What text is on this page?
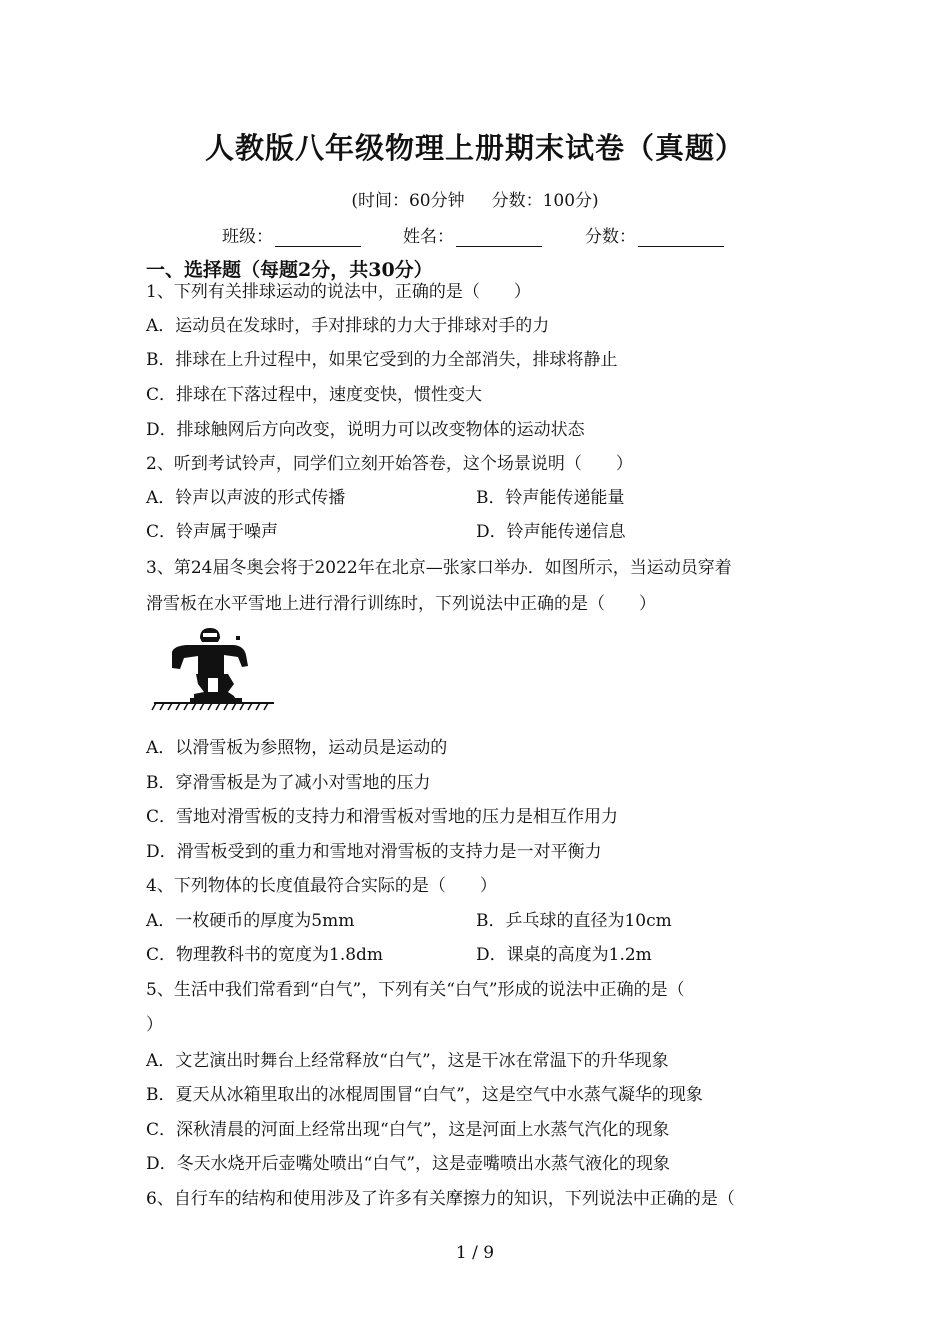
人教版八年级物理上册期末试卷（真题）
(时间：60分钟     分数：100分)
班级：	姓名：	分数：
一、选择题（每题2分，共30分）
1、下列有关排球运动的说法中，正确的是（　　）
A．运动员在发球时，手对排球的力大于排球对手的力
B．排球在上升过程中，如果它受到的力全部消失，排球将静止
C．排球在下落过程中，速度变快，惯性变大
D．排球触网后方向改变，说明力可以改变物体的运动状态
2、听到考试铃声，同学们立刻开始答卷，这个场景说明（　　）
A．铃声以声波的形式传播	B．铃声能传递能量
C．铃声属于噪声	D．铃声能传递信息
3、第24届冬奥会将于2022年在北京—张家口举办．如图所示，当运动员穿着
滑雪板在水平雪地上进行滑行训练时，下列说法中正确的是（　　）
A．以滑雪板为参照物，运动员是运动的
B．穿滑雪板是为了减小对雪地的压力
C．雪地对滑雪板的支持力和滑雪板对雪地的压力是相互作用力
D．滑雪板受到的重力和雪地对滑雪板的支持力是一对平衡力
4、下列物体的长度值最符合实际的是（　　）
A．一枚硬币的厚度为5mm	B．乒乓球的直径为10cm
C．物理教科书的宽度为1.8dm	D．课桌的高度为1.2m
5、生活中我们常看到“白气”，下列有关“白气”形成的说法中正确的是（
）
A．文艺演出时舞台上经常释放“白气”，这是干冰在常温下的升华现象
B．夏天从冰箱里取出的冰棍周围冒“白气”，这是空气中水蒸气凝华的现象
C．深秋清晨的河面上经常出现“白气”，这是河面上水蒸气汽化的现象
D．冬天水烧开后壶嘴处喷出“白气”，这是壶嘴喷出水蒸气液化的现象
6、自行车的结构和使用涉及了许多有关摩擦力的知识，下列说法中正确的是（
1 / 9
